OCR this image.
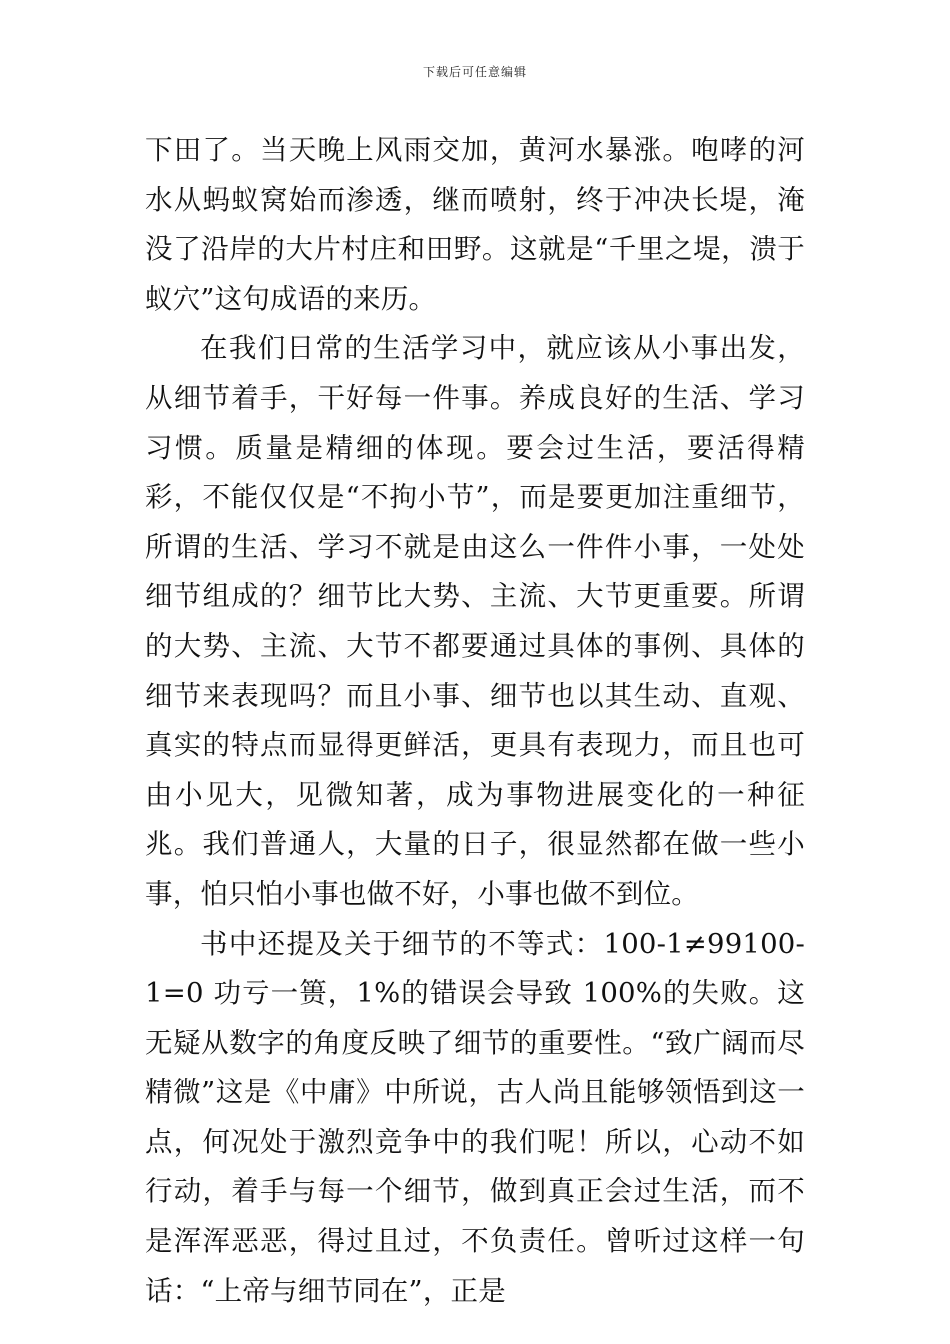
下载后可任意编辑

下田了。当天晚上风雨交加，黄河水暴涨。咆哮的河水从蚂蚁窝始而渗透，继而喷射，终于冲决长堤，淹没了沿岸的大片村庄和田野。这就是“千里之堤，溃于蚁穴”这句成语的来历。

在我们日常的生活学习中，就应该从小事出发，从细节着手，干好每一件事。养成良好的生活、学习习惯。质量是精细的体现。要会过生活，要活得精彩，不能仅仅是“不拘小节”，而是要更加注重细节，所谓的生活、学习不就是由这么一件件小事，一处处细节组成的？细节比大势、主流、大节更重要。所谓的大势、主流、大节不都要通过具体的事例、具体的细节来表现吗？而且小事、细节也以其生动、直观、真实的特点而显得更鲜活，更具有表现力，而且也可由小见大，见微知著，成为事物进展变化的一种征兆。我们普通人，大量的日子，很显然都在做一些小事，怕只怕小事也做不好，小事也做不到位。

书中还提及关于细节的不等式：100-1≠99100-1=0 功亏一篑，1%的错误会导致 100%的失败。这无疑从数字的角度反映了细节的重要性。“致广阔而尽精微”这是《中庸》中所说，古人尚且能够领悟到这一点，何况处于激烈竞争中的我们呢！所以，心动不如行动，着手与每一个细节，做到真正会过生活，而不是浑浑恶恶，得过且过，不负责任。曾听过这样一句话：“上帝与细节同在”，正是
